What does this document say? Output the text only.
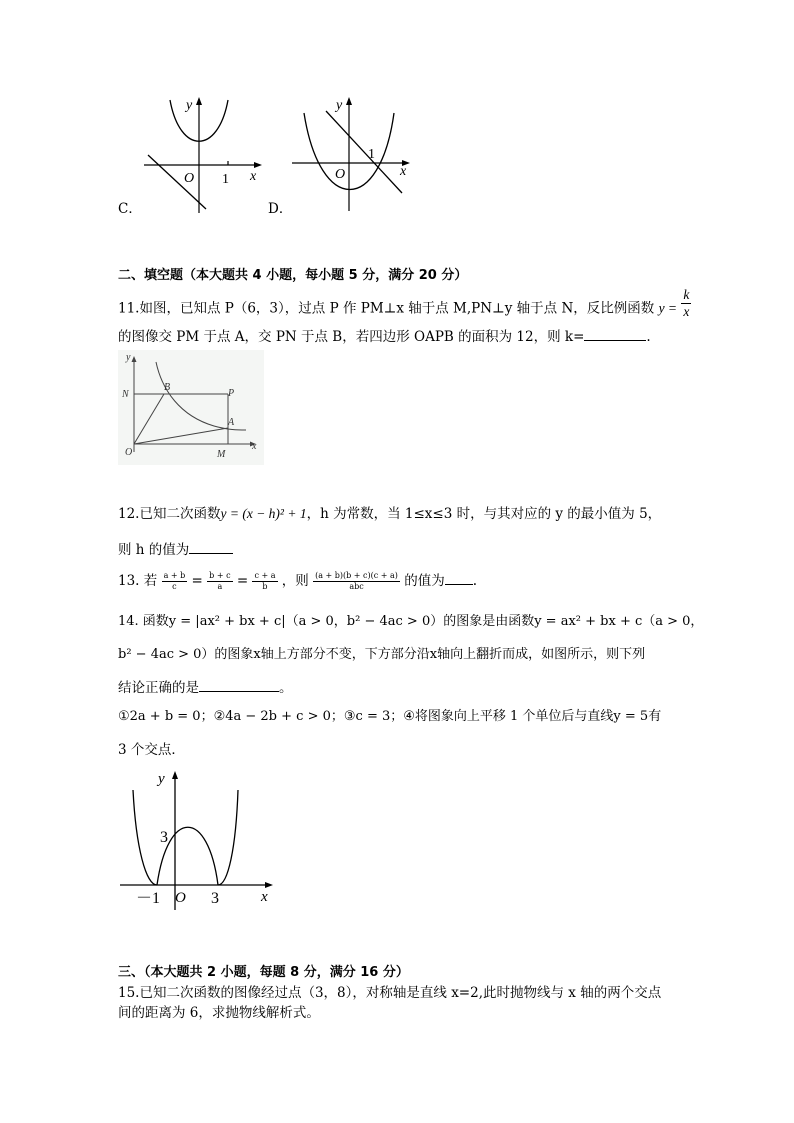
y
O 1 x
C．
y
O
1
x
D．
二、填空题（本大题共 4 小题，每小题 5 分，满分 20 分）
11.如图，已知点 P（6，3），过点 P 作 PM⊥x 轴于点 M,PN⊥y 轴于点 N，反比例函数 $y = \frac{k}{x}$
的图像交 PM 于点 A，交 PN 于点 B，若四边形 OAPB 的面积为 12，则 k=	.
y
N
B
P
A
O	M
x
12.已知二次函数y = (x − h)² + 1，h 为常数，当 1≤x≤3 时，与其对应的 y 的最小值为 5，
则 h 的值为
13. 若 $\frac{a + b}{c} = \frac{b + c}{a} = \frac{c + a}{b}$ ，则 $\frac{(a + b)(b + c)(c + a)}{\text{abc}}$ 的值为 .
14. 函数y = |ax² + bx + c|（a > 0，b² − 4ac > 0）的图象是由函数y = ax² + bx + c（a > 0，
b² − 4ac > 0）的图象x轴上方部分不变，下方部分沿x轴向上翻折而成，如图所示，则下列
结论正确的是	。
①2a + b = 0；②4a − 2b + c > 0；③c = 3；④将图象向上平移 1 个单位后与直线y = 5有
3 个交点．
y
3
－1 O 3	x
三、（本大题共 2 小题，每题 8 分，满分 16 分）
15.已知二次函数的图像经过点（3，8），对称轴是直线 x=2,此时抛物线与 x 轴的两个交点
间的距离为 6，求抛物线解析式。
